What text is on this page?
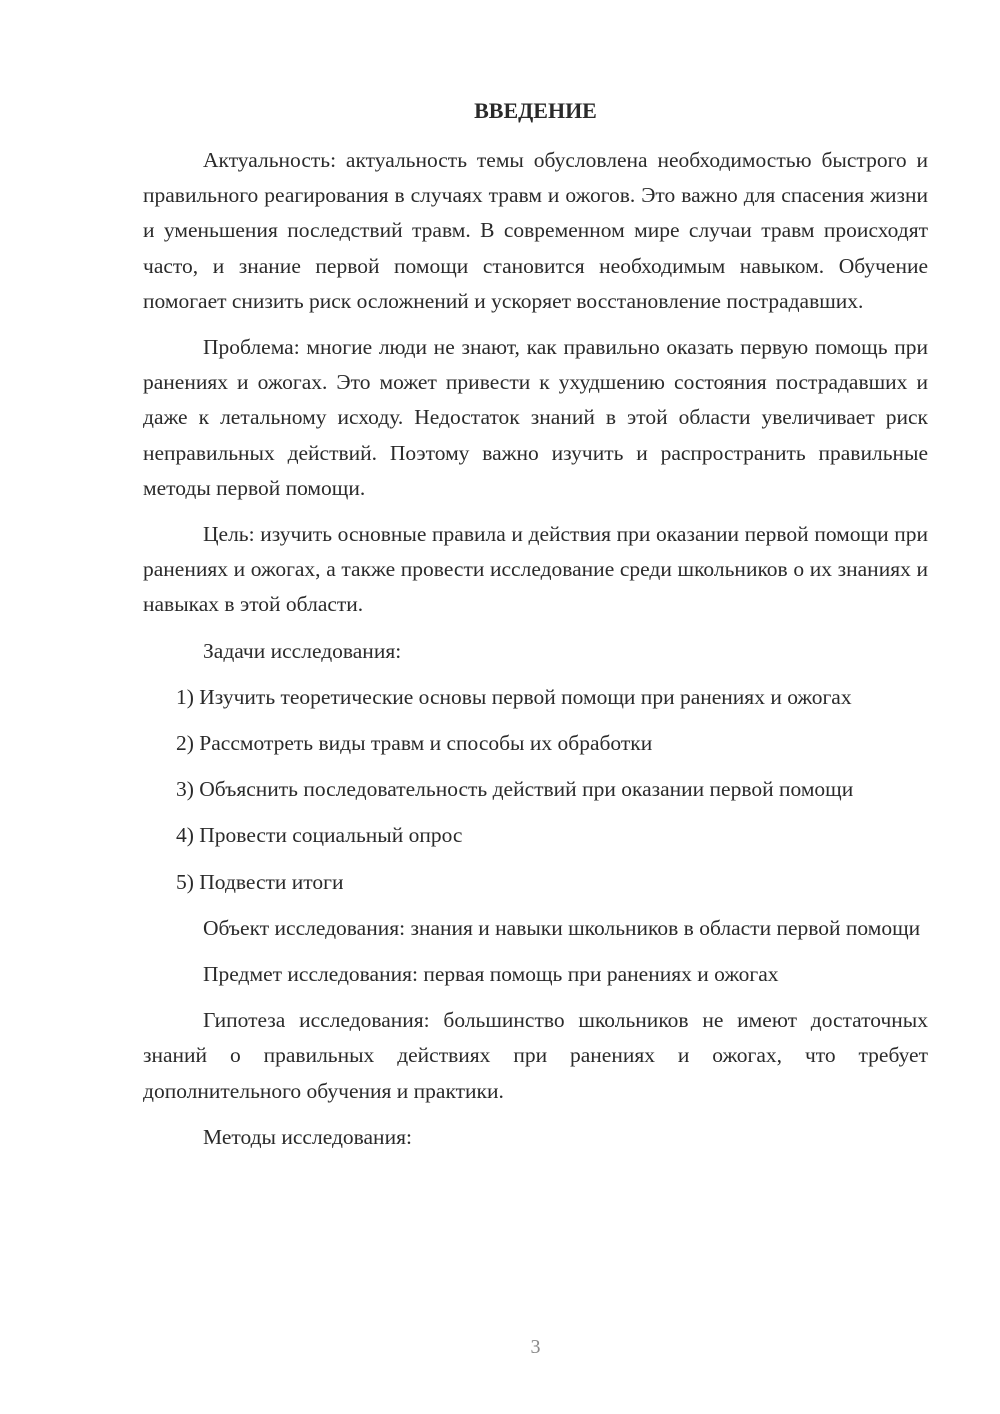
ВВЕДЕНИЕ

Актуальность: актуальность темы обусловлена необходимостью быстрого и правильного реагирования в случаях травм и ожогов. Это важно для спасения жизни и уменьшения последствий травм. В современном мире случаи травм происходят часто, и знание первой помощи становится необходимым навыком. Обучение помогает снизить риск осложнений и ускоряет восстановление пострадавших.

Проблема: многие люди не знают, как правильно оказать первую помощь при ранениях и ожогах. Это может привести к ухудшению состояния пострадавших и даже к летальному исходу. Недостаток знаний в этой области увеличивает риск неправильных действий. Поэтому важно изучить и распространить правильные методы первой помощи.

Цель: изучить основные правила и действия при оказании первой помощи при ранениях и ожогах, а также провести исследование среди школьников о их знаниях и навыках в этой области.

Задачи исследования:

1) Изучить теоретические основы первой помощи при ранениях и ожогах

2) Рассмотреть виды травм и способы их обработки

3) Объяснить последовательность действий при оказании первой помощи

4) Провести социальный опрос

5) Подвести итоги

Объект исследования: знания и навыки школьников в области первой помощи

Предмет исследования: первая помощь при ранениях и ожогах

Гипотеза исследования: большинство школьников не имеют достаточных знаний о правильных действиях при ранениях и ожогах, что требует дополнительного обучения и практики.

Методы исследования:

3
